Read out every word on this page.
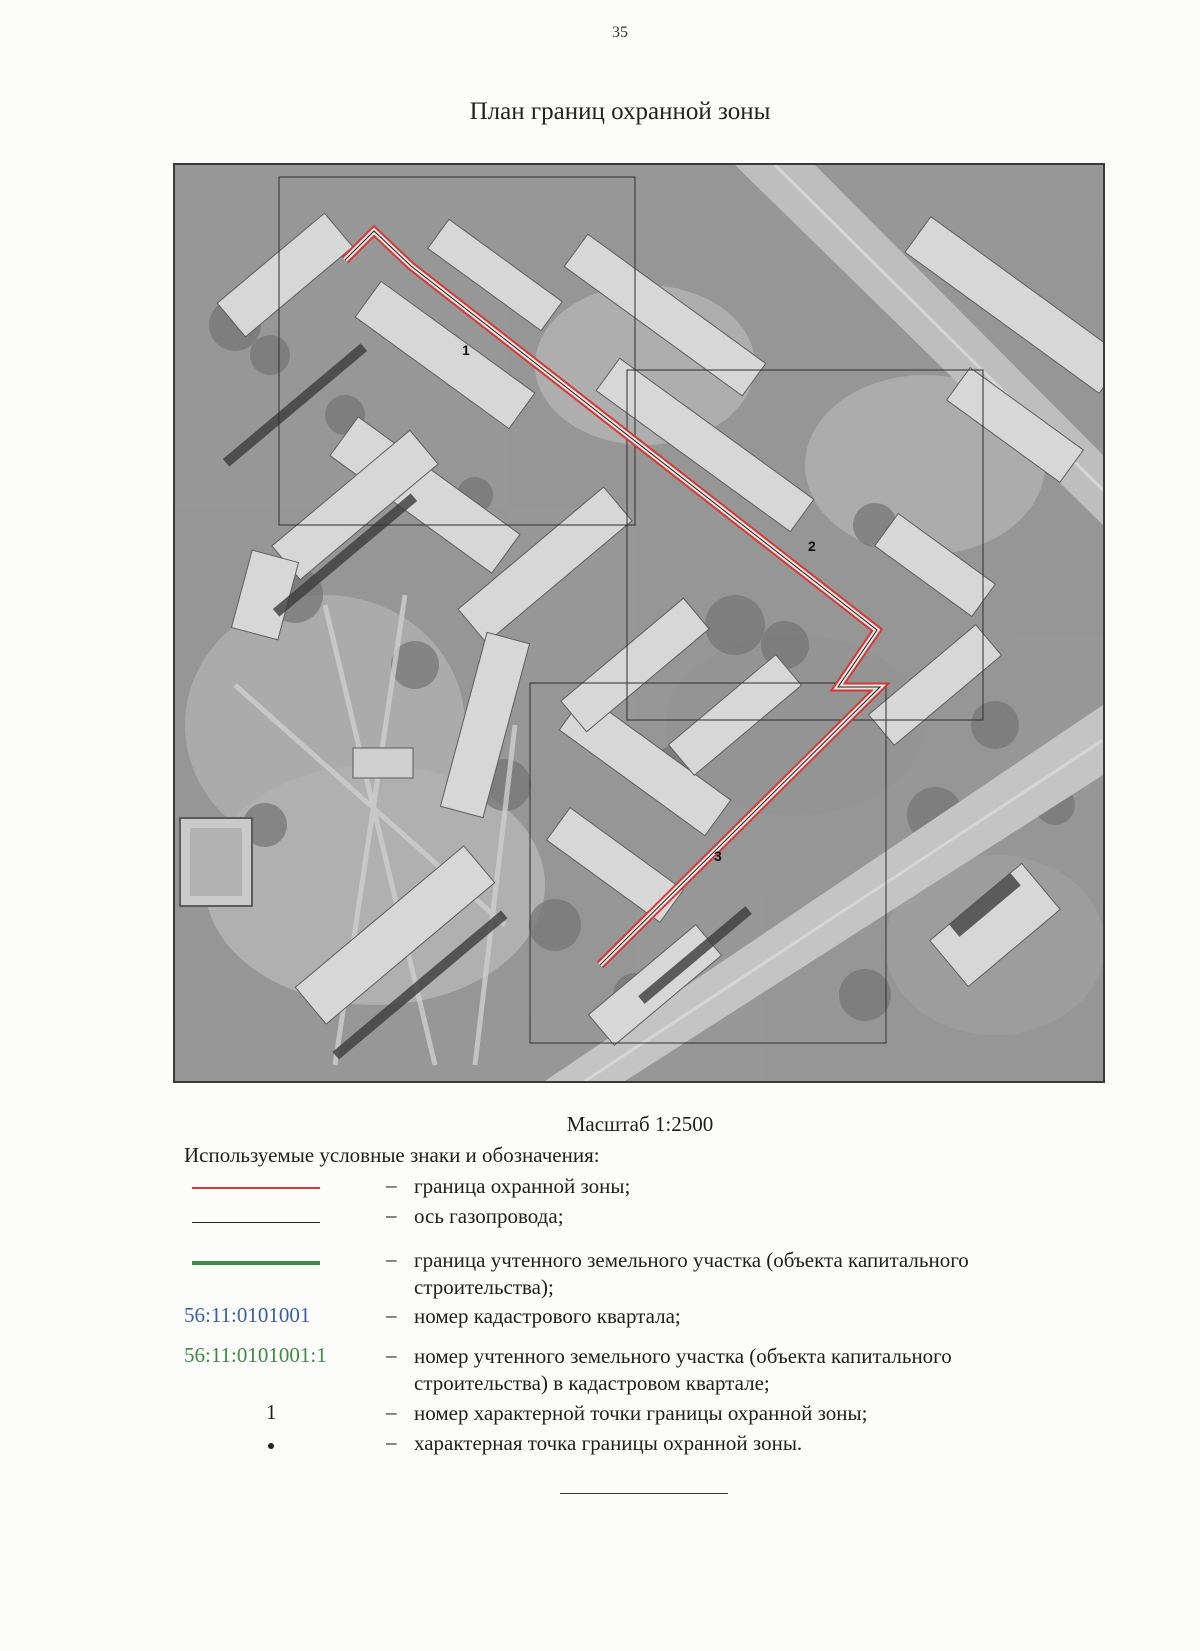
35
План границ охранной зоны
1
2
3
Масштаб 1:2500
Используемые условные знаки и обозначения:
– граница охранной зоны;
– ось газопровода;
– граница учтенного земельного участка (объекта капитального строительства);
56:11:0101001	– номер кадастрового квартала;
56:11:0101001:1	– номер учтенного земельного участка (объекта капитального строительства) в кадастровом квартале;
1	– номер характерной точки границы охранной зоны;
– характерная точка границы охранной зоны.
